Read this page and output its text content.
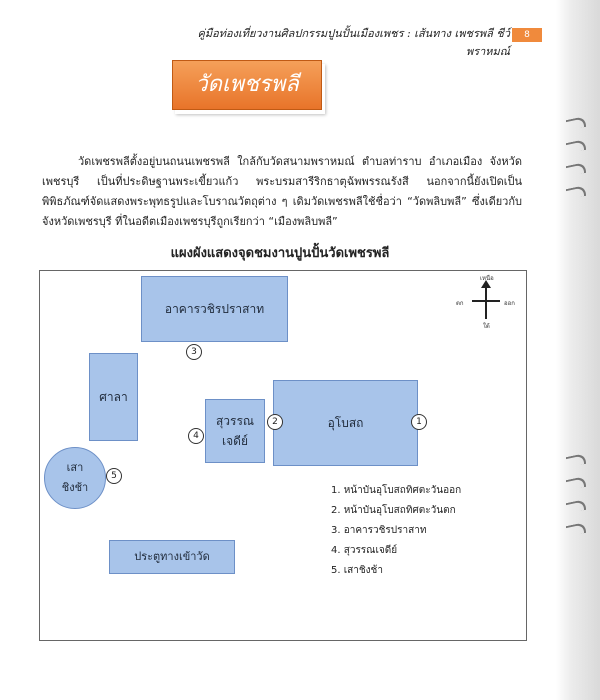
คู่มือท่องเที่ยวงานศิลปกรรมปูนปั้นเมืองเพชร : เส้นทาง เพชรพลี ชีว์ พราหมณ์
8
วัดเพชรพลี

วัดเพชรพลีตั้งอยู่บนถนนเพชรพลี ใกล้กับวัดสนามพราหมณ์ ตำบลท่าราบ อำเภอเมือง จังหวัดเพชรบุรี เป็นที่ประดิษฐานพระเขี้ยวแก้ว พระบรมสารีริกธาตุฉัพพรรณรังสี นอกจากนี้ยังเปิดเป็นพิพิธภัณฑ์จัดแสดงพระพุทธรูปและโบราณวัตถุต่าง ๆ เดิมวัดเพชรพลีใช้ชื่อว่า “วัดพลิบพลี” ซึ่งเดียวกับจังหวัดเพชรบุรี ที่ในอดีตเมืองเพชรบุรีถูกเรียกว่า “เมืองพลิบพลี”

แผงผังแสดงจุดชมงานปูนปั้นวัดเพชรพลี
อาคารวชิรปราสาท
ศาลา
สุวรรณ
เจดีย์
อุโบสถ
เสา
ชิงช้า
ประตูทางเข้าวัด
1
2
3
4
5
เหนือ
ตก	ออก
ใต้
1. หน้าบันอุโบสถทิศตะวันออก
2. หน้าบันอุโบสถทิศตะวันตก
3. อาคารวชิรปราสาท
4. สุวรรณเจดีย์
5. เสาชิงช้า
